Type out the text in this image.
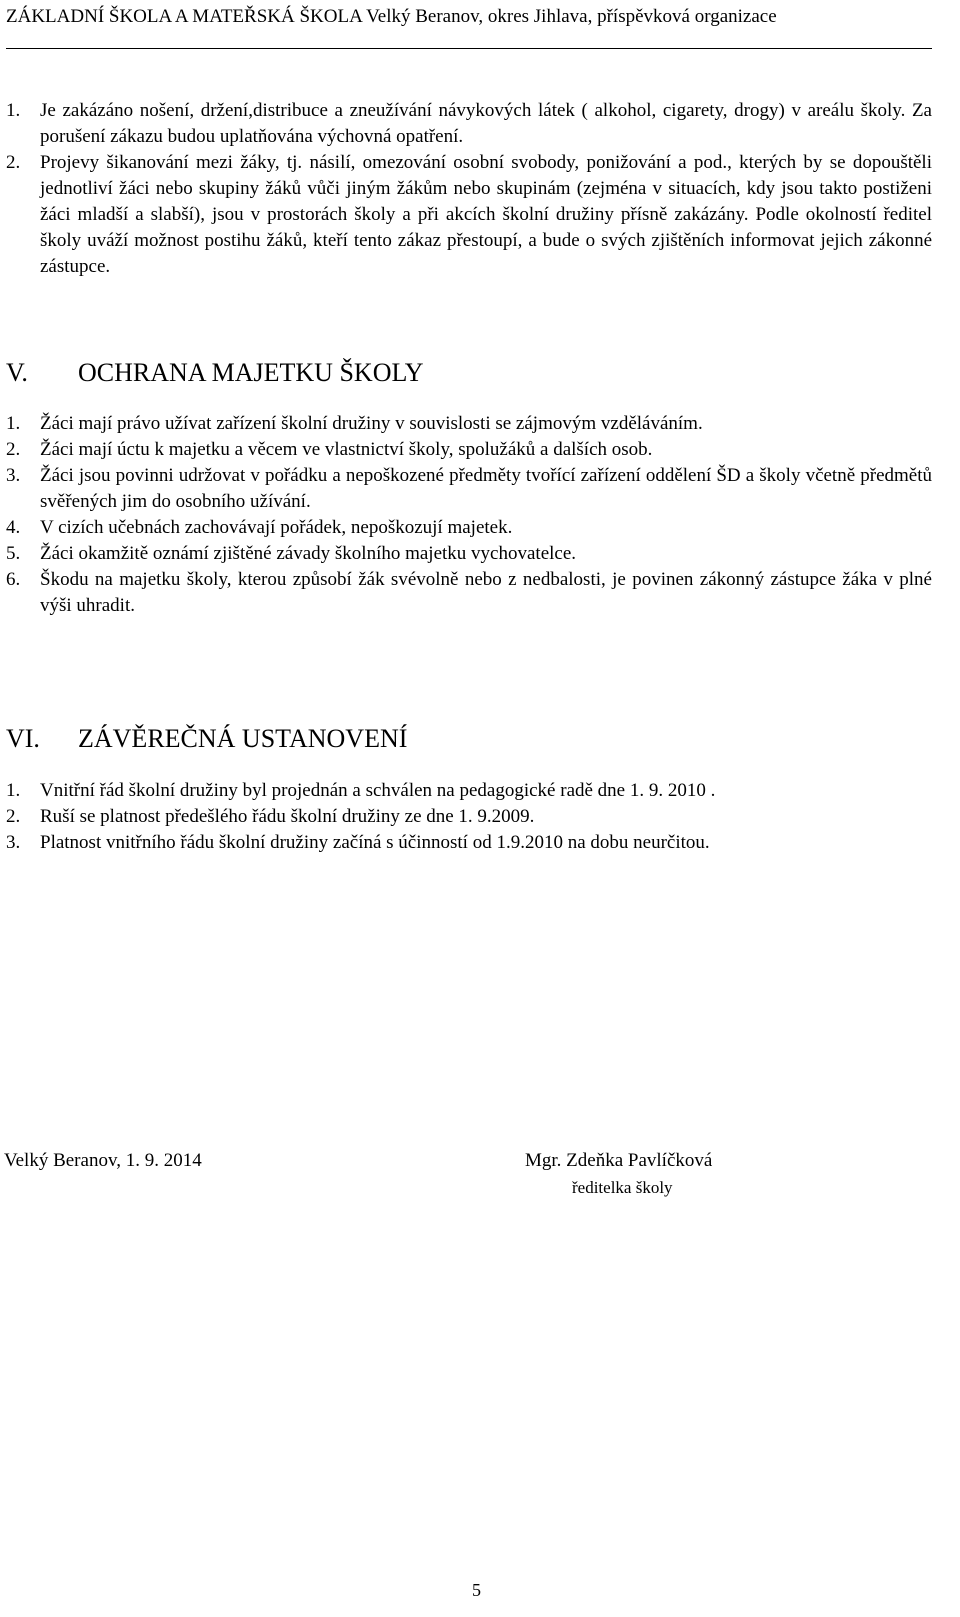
ZÁKLADNÍ ŠKOLA A MATEŘSKÁ ŠKOLA Velký Beranov, okres Jihlava, příspěvková organizace
1.	Je zakázáno nošení, držení,distribuce a zneužívání návykových látek ( alkohol, cigarety, drogy) v areálu školy. Za porušení zákazu budou uplatňována výchovná opatření.
2.	Projevy šikanování mezi žáky, tj. násilí, omezování osobní svobody, ponižování a pod., kterých by se dopouštěli jednotliví žáci nebo skupiny žáků vůči jiným žákům nebo skupinám (zejména v situacích, kdy jsou takto postiženi žáci mladší a slabší), jsou v prostorách školy a při akcích školní družiny přísně zakázány. Podle okolností ředitel školy uváží možnost postihu žáků, kteří tento zákaz přestoupí, a bude o svých zjištěních informovat jejich zákonné zástupce.
V.	OCHRANA MAJETKU ŠKOLY
1.	Žáci mají právo užívat zařízení školní družiny v souvislosti se zájmovým vzděláváním.
2.	Žáci mají úctu k majetku a věcem ve vlastnictví školy, spolužáků a dalších osob.
3.	Žáci jsou povinni udržovat v pořádku a nepoškozené předměty tvořící zařízení oddělení ŠD a školy včetně předmětů svěřených jim do osobního užívání.
4.	V cizích učebnách zachovávají pořádek, nepoškozují majetek.
5.	Žáci okamžitě oznámí zjištěné závady školního majetku vychovatelce.
6.	Škodu na majetku školy, kterou způsobí žák svévolně nebo z nedbalosti, je povinen zákonný zástupce žáka v plné výši uhradit.
VI.	ZÁVĚREČNÁ USTANOVENÍ
1.	Vnitřní řád školní družiny byl projednán a schválen na pedagogické radě dne 1. 9. 2010 .
2.	Ruší se platnost předešlého řádu školní družiny ze dne 1. 9.2009.
3.	Platnost vnitřního řádu školní družiny začíná s účinností od 1.9.2010 na dobu neurčitou.
Velký Beranov, 1. 9. 2014	Mgr. Zdeňka Pavlíčková
ředitelka školy
5
